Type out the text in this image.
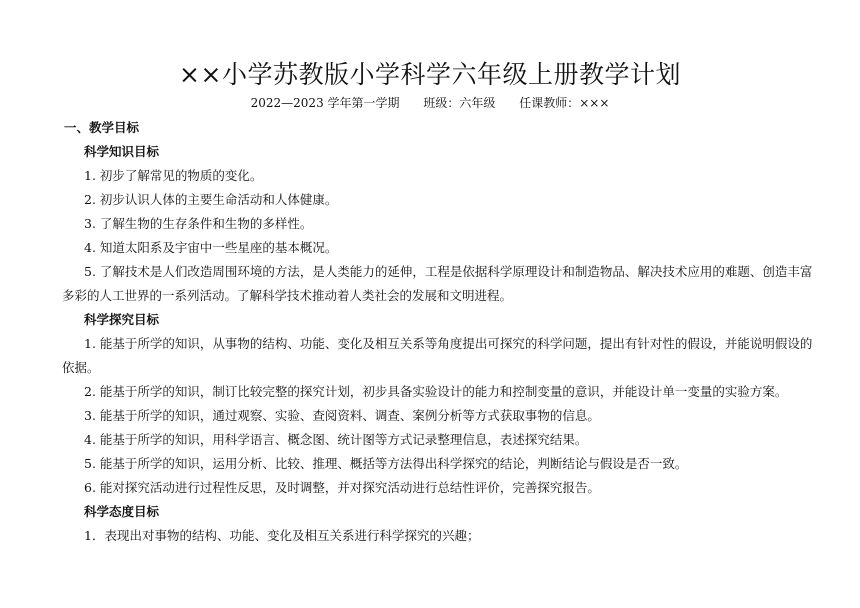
××小学苏教版小学科学六年级上册教学计划
2022—2023 学年第一学期 班级：六年级 任课教师：×××
一、教学目标
科学知识目标
1. 初步了解常见的物质的变化。
2. 初步认识人体的主要生命活动和人体健康。
3. 了解生物的生存条件和生物的多样性。
4. 知道太阳系及宇宙中一些星座的基本概况。
5. 了解技术是人们改造周围环境的方法，是人类能力的延伸，工程是依据科学原理设计和制造物品、解决技术应用的难题、创造丰富
多彩的人工世界的一系列活动。了解科学技术推动着人类社会的发展和文明进程。
科学探究目标
1. 能基于所学的知识，从事物的结构、功能、变化及相互关系等角度提出可探究的科学问题，提出有针对性的假设，并能说明假设的
依据。
2. 能基于所学的知识，制订比较完整的探究计划，初步具备实验设计的能力和控制变量的意识，并能设计单一变量的实验方案。
3. 能基于所学的知识，通过观察、实验、查阅资料、调查、案例分析等方式获取事物的信息。
4. 能基于所学的知识，用科学语言、概念图、统计图等方式记录整理信息，表述探究结果。
5. 能基于所学的知识，运用分析、比较、推理、概括等方法得出科学探究的结论，判断结论与假设是否一致。
6. 能对探究活动进行过程性反思，及时调整，并对探究活动进行总结性评价，完善探究报告。
科学态度目标
1．表现出对事物的结构、功能、变化及相互关系进行科学探究的兴趣；
